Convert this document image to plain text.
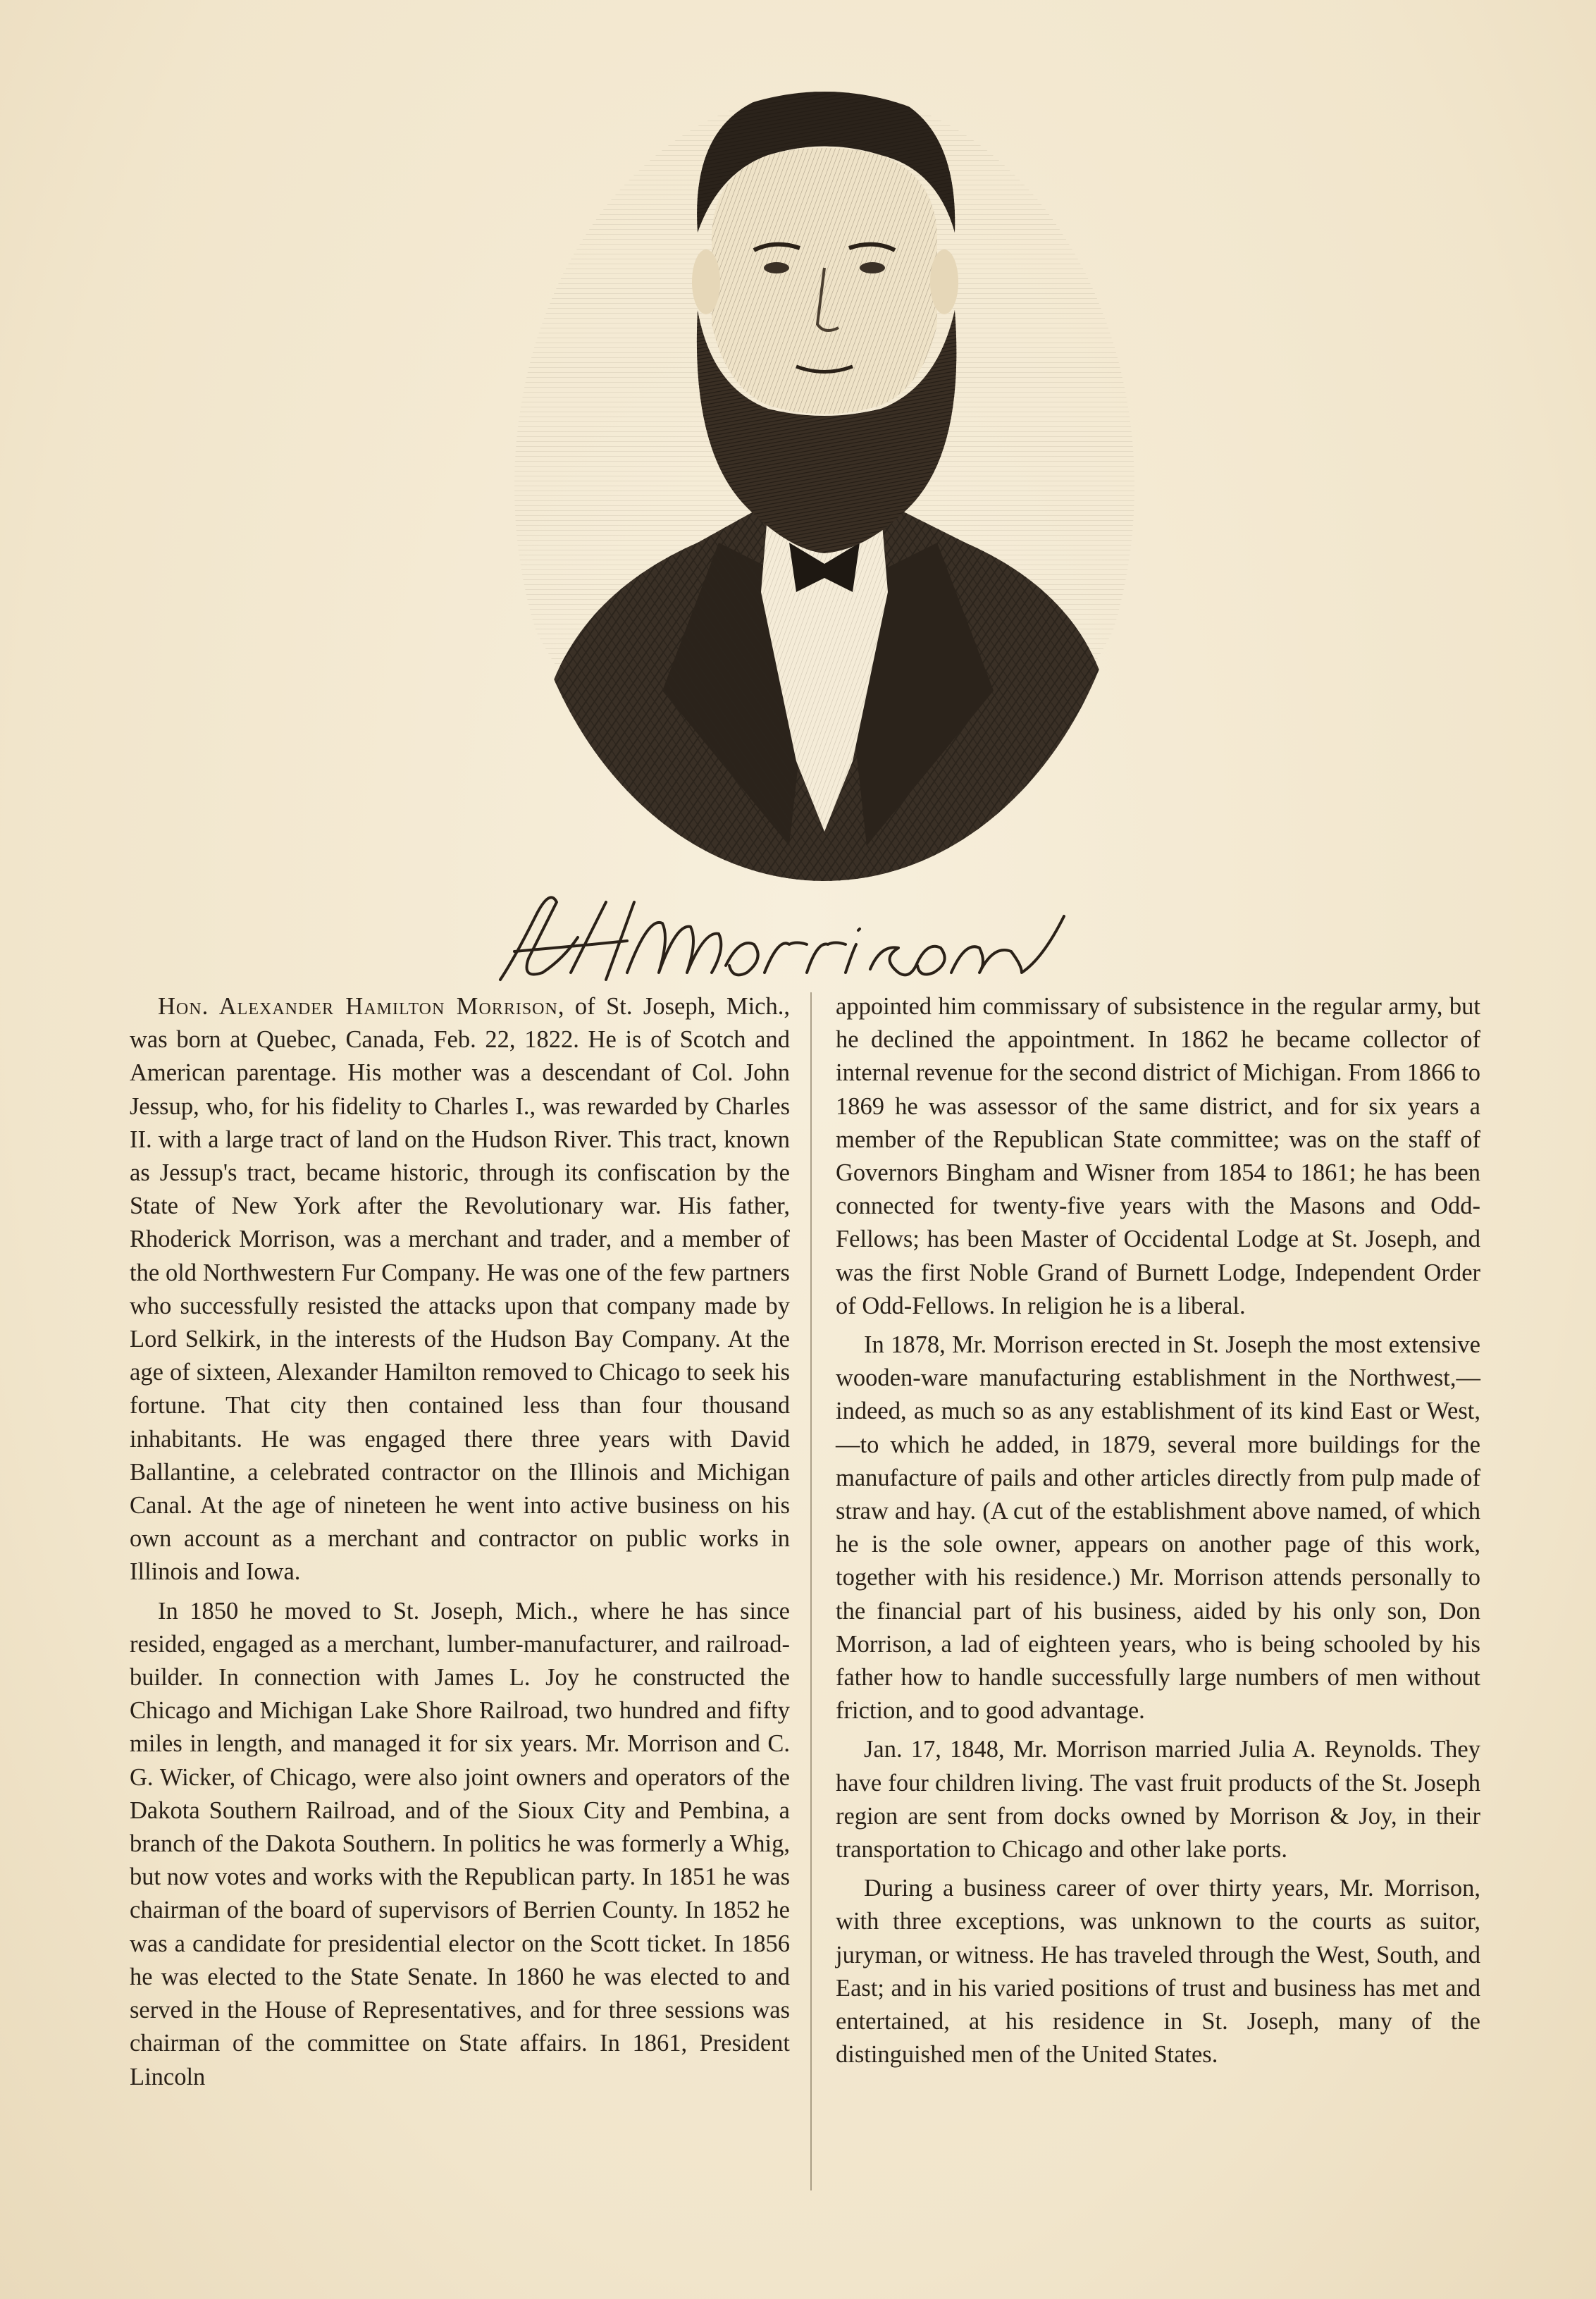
Hon. Alexander Hamilton Morrison, of St. Joseph, Mich., was born at Quebec, Canada, Feb. 22, 1822. He is of Scotch and American parentage. His mother was a descendant of Col. John Jessup, who, for his fidelity to Charles I., was rewarded by Charles II. with a large tract of land on the Hudson River. This tract, known as Jessup's tract, became historic, through its confiscation by the State of New York after the Revolutionary war. His father, Rhoderick Morrison, was a merchant and trader, and a member of the old Northwestern Fur Company. He was one of the few partners who successfully resisted the attacks upon that company made by Lord Selkirk, in the interests of the Hudson Bay Company. At the age of sixteen, Alexander Hamilton removed to Chicago to seek his fortune. That city then contained less than four thousand inhabitants. He was engaged there three years with David Ballantine, a celebrated contractor on the Illinois and Michigan Canal. At the age of nineteen he went into active business on his own account as a merchant and contractor on public works in Illinois and Iowa.

In 1850 he moved to St. Joseph, Mich., where he has since resided, engaged as a merchant, lumber-manufacturer, and railroad-builder. In connection with James L. Joy he constructed the Chicago and Michigan Lake Shore Railroad, two hundred and fifty miles in length, and managed it for six years. Mr. Morrison and C. G. Wicker, of Chicago, were also joint owners and operators of the Dakota Southern Railroad, and of the Sioux City and Pembina, a branch of the Dakota Southern. In politics he was formerly a Whig, but now votes and works with the Republican party. In 1851 he was chairman of the board of supervisors of Berrien County. In 1852 he was a candidate for presidential elector on the Scott ticket. In 1856 he was elected to the State Senate. In 1860 he was elected to and served in the House of Representatives, and for three sessions was chairman of the committee on State affairs. In 1861, President Lincoln

appointed him commissary of subsistence in the regular army, but he declined the appointment. In 1862 he became collector of internal revenue for the second district of Michigan. From 1866 to 1869 he was assessor of the same district, and for six years a member of the Republican State committee; was on the staff of Governors Bingham and Wisner from 1854 to 1861; he has been connected for twenty-five years with the Masons and Odd-Fellows; has been Master of Occidental Lodge at St. Joseph, and was the first Noble Grand of Burnett Lodge, Independent Order of Odd-Fellows. In religion he is a liberal.

In 1878, Mr. Morrison erected in St. Joseph the most extensive wooden-ware manufacturing establishment in the Northwest,—indeed, as much so as any establishment of its kind East or West,—to which he added, in 1879, several more buildings for the manufacture of pails and other articles directly from pulp made of straw and hay. (A cut of the establishment above named, of which he is the sole owner, appears on another page of this work, together with his residence.) Mr. Morrison attends personally to the financial part of his business, aided by his only son, Don Morrison, a lad of eighteen years, who is being schooled by his father how to handle successfully large numbers of men without friction, and to good advantage.

Jan. 17, 1848, Mr. Morrison married Julia A. Reynolds. They have four children living. The vast fruit products of the St. Joseph region are sent from docks owned by Morrison & Joy, in their transportation to Chicago and other lake ports.

During a business career of over thirty years, Mr. Morrison, with three exceptions, was unknown to the courts as suitor, juryman, or witness. He has traveled through the West, South, and East; and in his varied positions of trust and business has met and entertained, at his residence in St. Joseph, many of the distinguished men of the United States.
